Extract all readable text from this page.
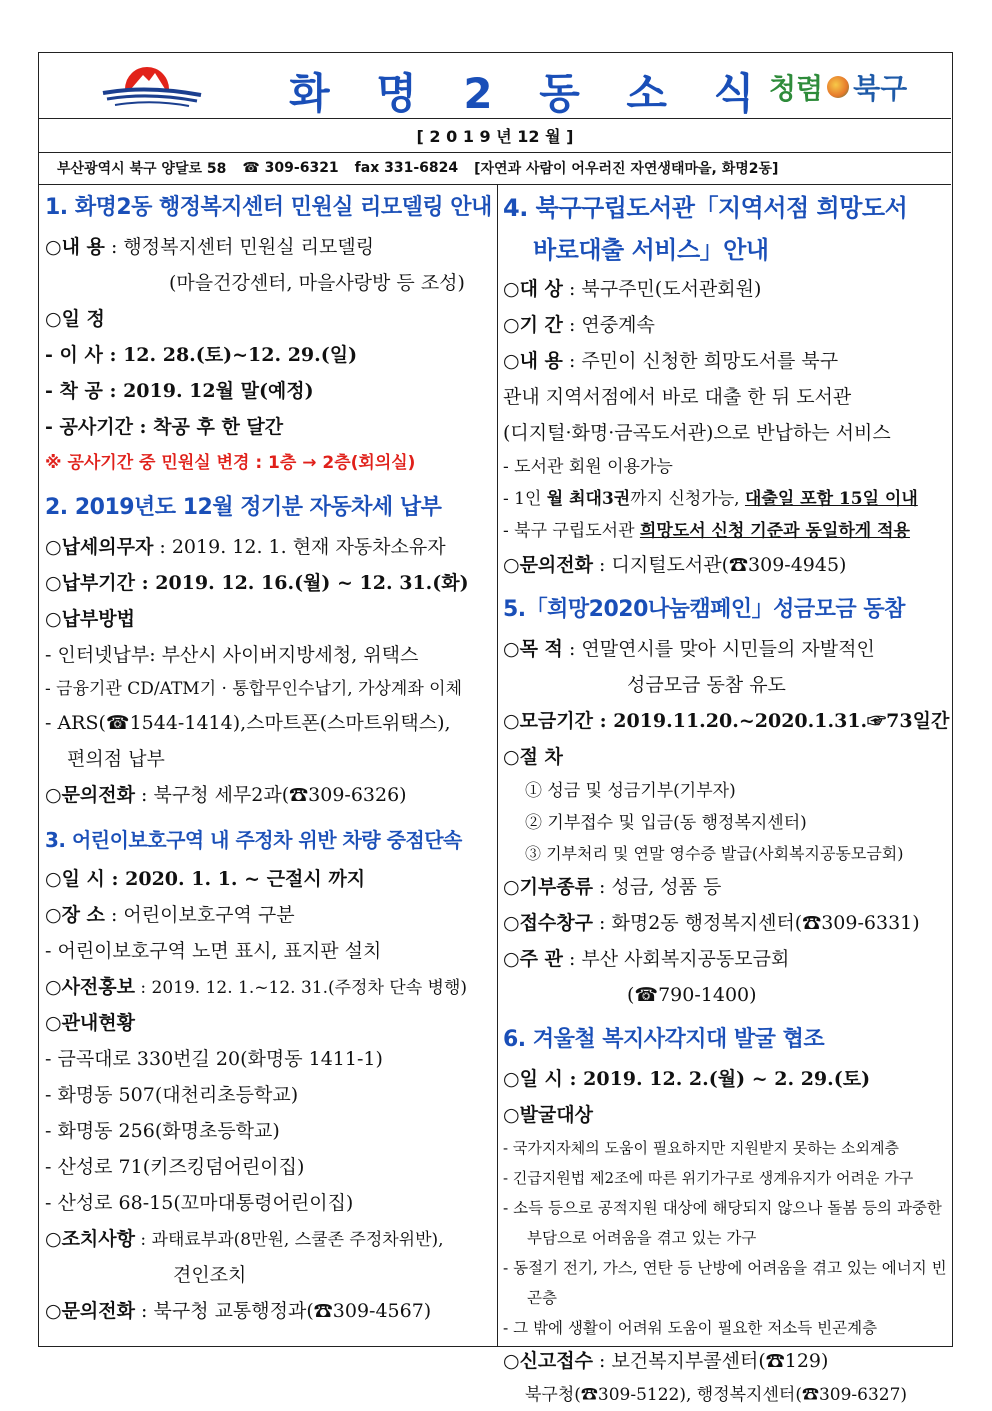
화 명 2 동 소 식
청렴 북구
[ 2 0 1 9 년 12 월 ]
부산광역시 북구 양달로 58 ☎ 309-6321 fax 331-6824 [자연과 사람이 어우러진 자연생태마을, 화명2동]
1. 화명2동 행정복지센터 민원실 리모델링 안내
○내 용 : 행정복지센터 민원실 리모델링
(마을건강센터, 마을사랑방 등 조성)
○일 정
- 이 사 : 12. 28.(토)~12. 29.(일)
- 착 공 : 2019. 12월 말(예정)
- 공사기간 : 착공 후 한 달간
※ 공사기간 중 민원실 변경 : 1층 → 2층(회의실)
2. 2019년도 12월 정기분 자동차세 납부
○납세의무자 : 2019. 12. 1. 현재 자동차소유자
○납부기간 : 2019. 12. 16.(월) ~ 12. 31.(화)
○납부방법
- 인터넷납부: 부산시 사이버지방세청, 위택스
- 금융기관 CD/ATM기 · 통합무인수납기, 가상계좌 이체
- ARS(☎1544-1414),스마트폰(스마트위택스),
편의점 납부
○문의전화 : 북구청 세무2과(☎309-6326)
3. 어린이보호구역 내 주정차 위반 차량 중점단속
○일 시 : 2020. 1. 1. ~ 근절시 까지
○장 소 : 어린이보호구역 구분
- 어린이보호구역 노면 표시, 표지판 설치
○사전홍보 : 2019. 12. 1.~12. 31.(주정차 단속 병행)
○관내현황
- 금곡대로 330번길 20(화명동 1411-1)
- 화명동 507(대천리초등학교)
- 화명동 256(화명초등학교)
- 산성로 71(키즈킹덤어린이집)
- 산성로 68-15(꼬마대통령어린이집)
○조치사항 : 과태료부과(8만원, 스쿨존 주정차위반),
견인조치
○문의전화 : 북구청 교통행정과(☎309-4567)
4. 북구구립도서관「지역서점 희망도서
바로대출 서비스」안내
○대 상 : 북구주민(도서관회원)
○기 간 : 연중계속
○내 용 : 주민이 신청한 희망도서를 북구
관내 지역서점에서 바로 대출 한 뒤 도서관
(디지털·화명·금곡도서관)으로 반납하는 서비스
- 도서관 회원 이용가능
- 1인 월 최대3권까지 신청가능, 대출일 포함 15일 이내
- 북구 구립도서관 희망도서 신청 기준과 동일하게 적용
○문의전화 : 디지털도서관(☎309-4945)
5.「희망2020나눔캠페인」성금모금 동참
○목 적 : 연말연시를 맞아 시민들의 자발적인
성금모금 동참 유도
○모금기간 : 2019.11.20.~2020.1.31.☞73일간
○절 차
① 성금 및 성금기부(기부자)
② 기부접수 및 입금(동 행정복지센터)
③ 기부처리 및 연말 영수증 발급(사회복지공동모금회)
○기부종류 : 성금, 성품 등
○접수창구 : 화명2동 행정복지센터(☎309-6331)
○주 관 : 부산 사회복지공동모금회
(☎790-1400)
6. 겨울철 복지사각지대 발굴 협조
○일 시 : 2019. 12. 2.(월) ~ 2. 29.(토)
○발굴대상
- 국가지자체의 도움이 필요하지만 지원받지 못하는 소외계층
- 긴급지원법 제2조에 따른 위기가구로 생계유지가 어려운 가구
- 소득 등으로 공적지원 대상에 해당되지 않으나 돌봄 등의 과중한 부담으로 어려움을 겪고 있는 가구
- 동절기 전기, 가스, 연탄 등 난방에 어려움을 겪고 있는 에너지 빈곤층
- 그 밖에 생활이 어려워 도움이 필요한 저소득 빈곤계층
○신고접수 : 보건복지부콜센터(☎129)
북구청(☎309-5122), 행정복지센터(☎309-6327)
